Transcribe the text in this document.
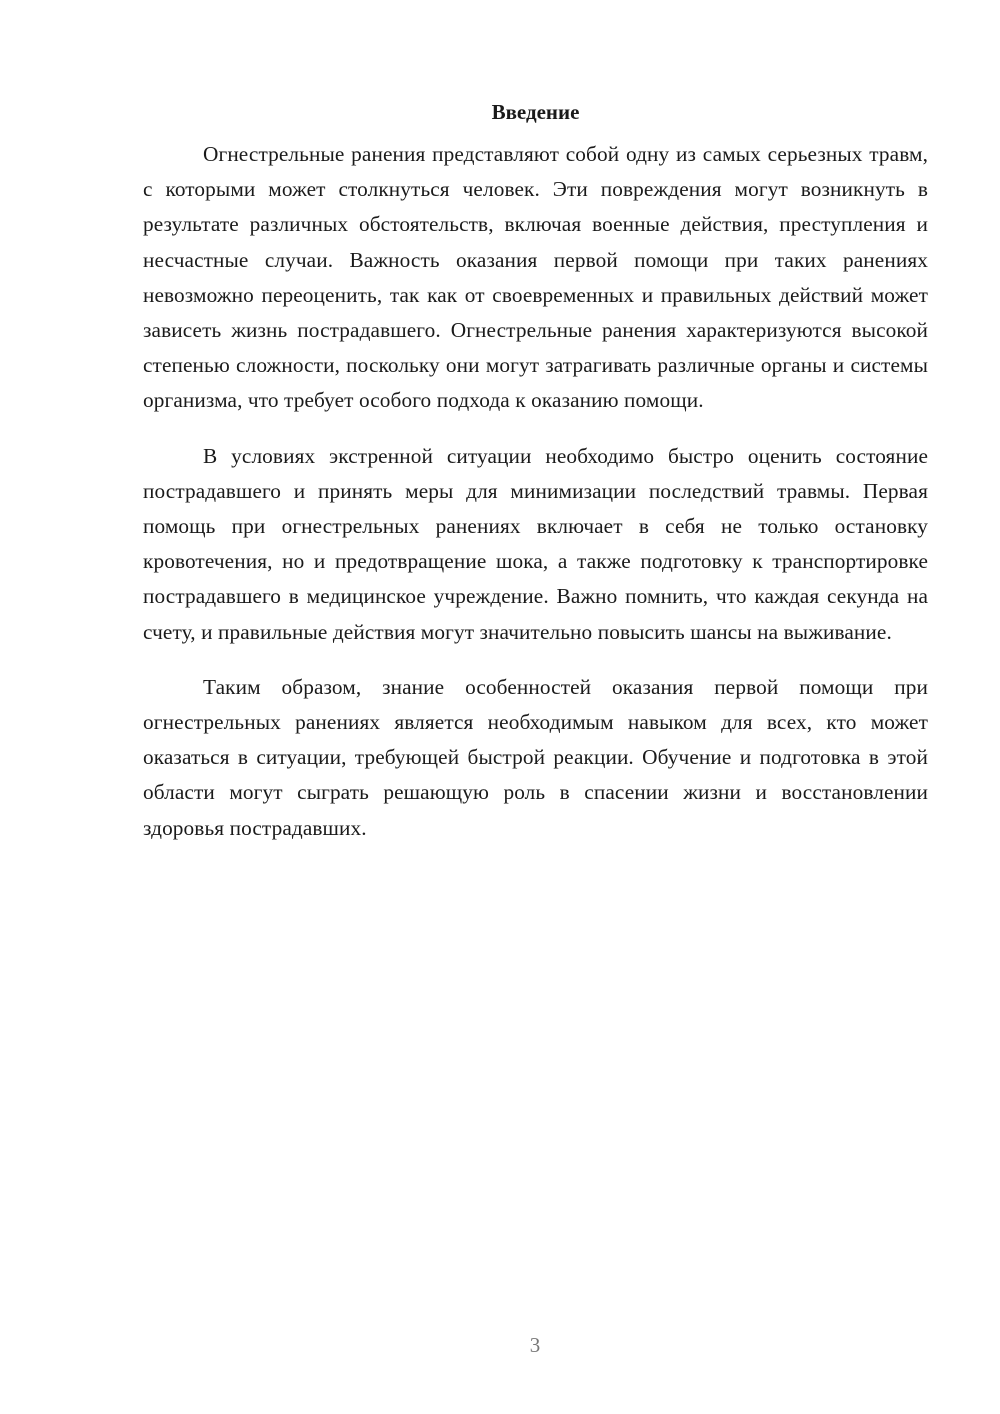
Введение

Огнестрельные ранения представляют собой одну из самых серьезных травм, с которыми может столкнуться человек. Эти повреждения могут возникнуть в результате различных обстоятельств, включая военные действия, преступления и несчастные случаи. Важность оказания первой помощи при таких ранениях невозможно переоценить, так как от своевременных и правильных действий может зависеть жизнь пострадавшего. Огнестрельные ранения характеризуются высокой степенью сложности, поскольку они могут затрагивать различные органы и системы организма, что требует особого подхода к оказанию помощи.

В условиях экстренной ситуации необходимо быстро оценить состояние пострадавшего и принять меры для минимизации последствий травмы. Первая помощь при огнестрельных ранениях включает в себя не только остановку кровотечения, но и предотвращение шока, а также подготовку к транспортировке пострадавшего в медицинское учреждение. Важно помнить, что каждая секунда на счету, и правильные действия могут значительно повысить шансы на выживание.

Таким образом, знание особенностей оказания первой помощи при огнестрельных ранениях является необходимым навыком для всех, кто может оказаться в ситуации, требующей быстрой реакции. Обучение и подготовка в этой области могут сыграть решающую роль в спасении жизни и восстановлении здоровья пострадавших.

3
